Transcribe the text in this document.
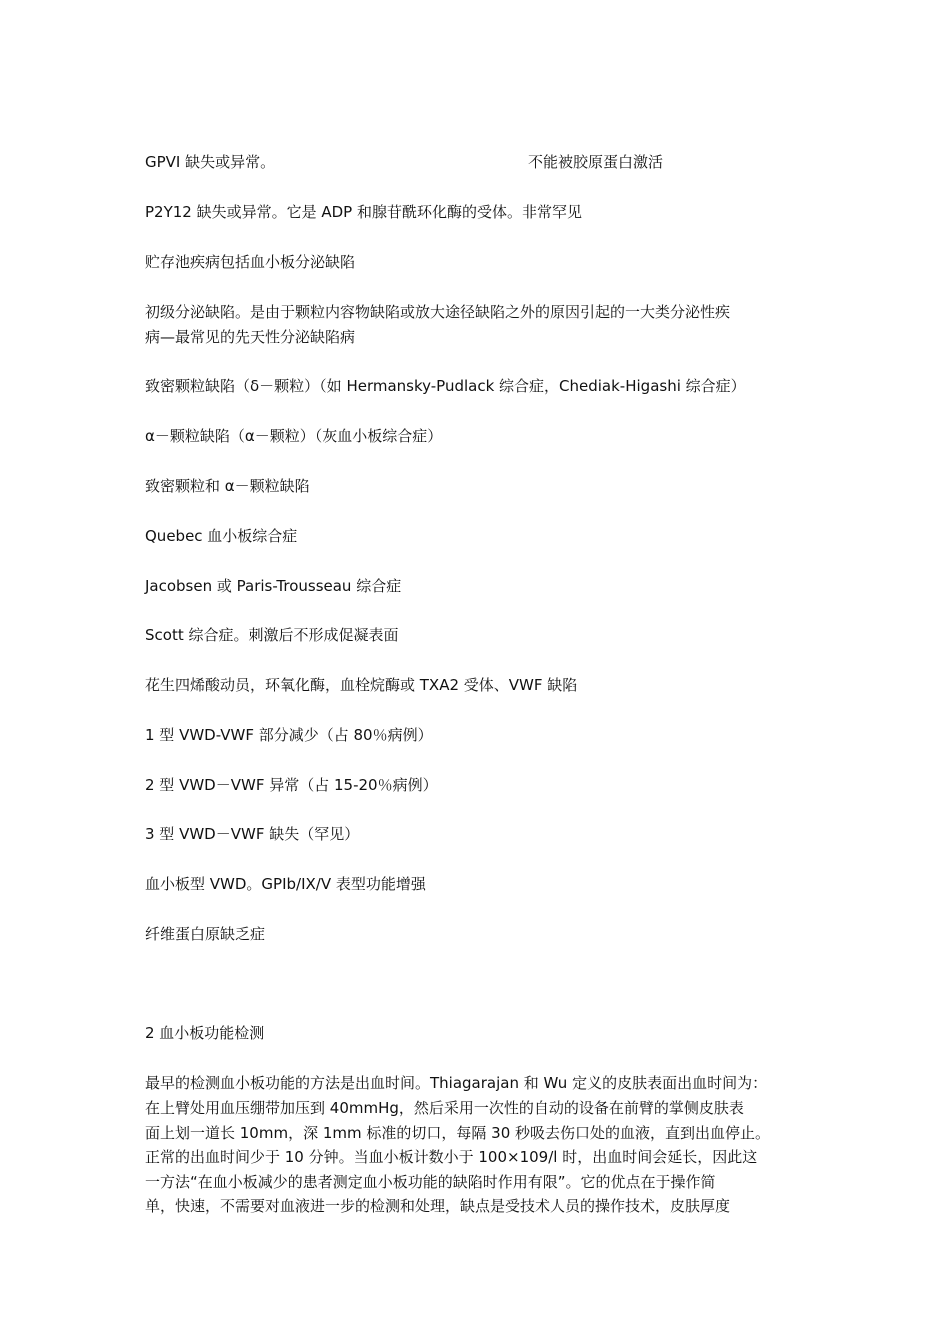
GPVI 缺失或异常。	不能被胶原蛋白激活
P2Y12 缺失或异常。它是 ADP 和腺苷酰环化酶的受体。非常罕见
贮存池疾病包括血小板分泌缺陷
初级分泌缺陷。是由于颗粒内容物缺陷或放大途径缺陷之外的原因引起的一大类分泌性疾
病—最常见的先天性分泌缺陷病
致密颗粒缺陷（δ－颗粒）（如 Hermansky-Pudlack 综合症，Chediak-Higashi 综合症）
α－颗粒缺陷（α－颗粒）（灰血小板综合症）
致密颗粒和 α－颗粒缺陷
Quebec 血小板综合症
Jacobsen 或 Paris-Trousseau 综合症
Scott 综合症。刺激后不形成促凝表面
花生四烯酸动员，环氧化酶，血栓烷酶或 TXA2 受体、VWF 缺陷
1 型 VWD-VWF 部分减少（占 80％病例）
2 型 VWD－VWF 异常（占 15-20％病例）
3 型 VWD－VWF 缺失（罕见）
血小板型 VWD。GPIb/IX/V 表型功能增强
纤维蛋白原缺乏症
2 血小板功能检测
最早的检测血小板功能的方法是出血时间。Thiagarajan 和 Wu 定义的皮肤表面出血时间为：
在上臂处用血压绷带加压到 40mmHg，然后采用一次性的自动的设备在前臂的掌侧皮肤表
面上划一道长 10mm，深 1mm 标准的切口，每隔 30 秒吸去伤口处的血液，直到出血停止。
正常的出血时间少于 10 分钟。当血小板计数小于 100×109/l 时，出血时间会延长，因此这
一方法“在血小板减少的患者测定血小板功能的缺陷时作用有限”。它的优点在于操作简
单，快速，不需要对血液进一步的检测和处理，缺点是受技术人员的操作技术，皮肤厚度
